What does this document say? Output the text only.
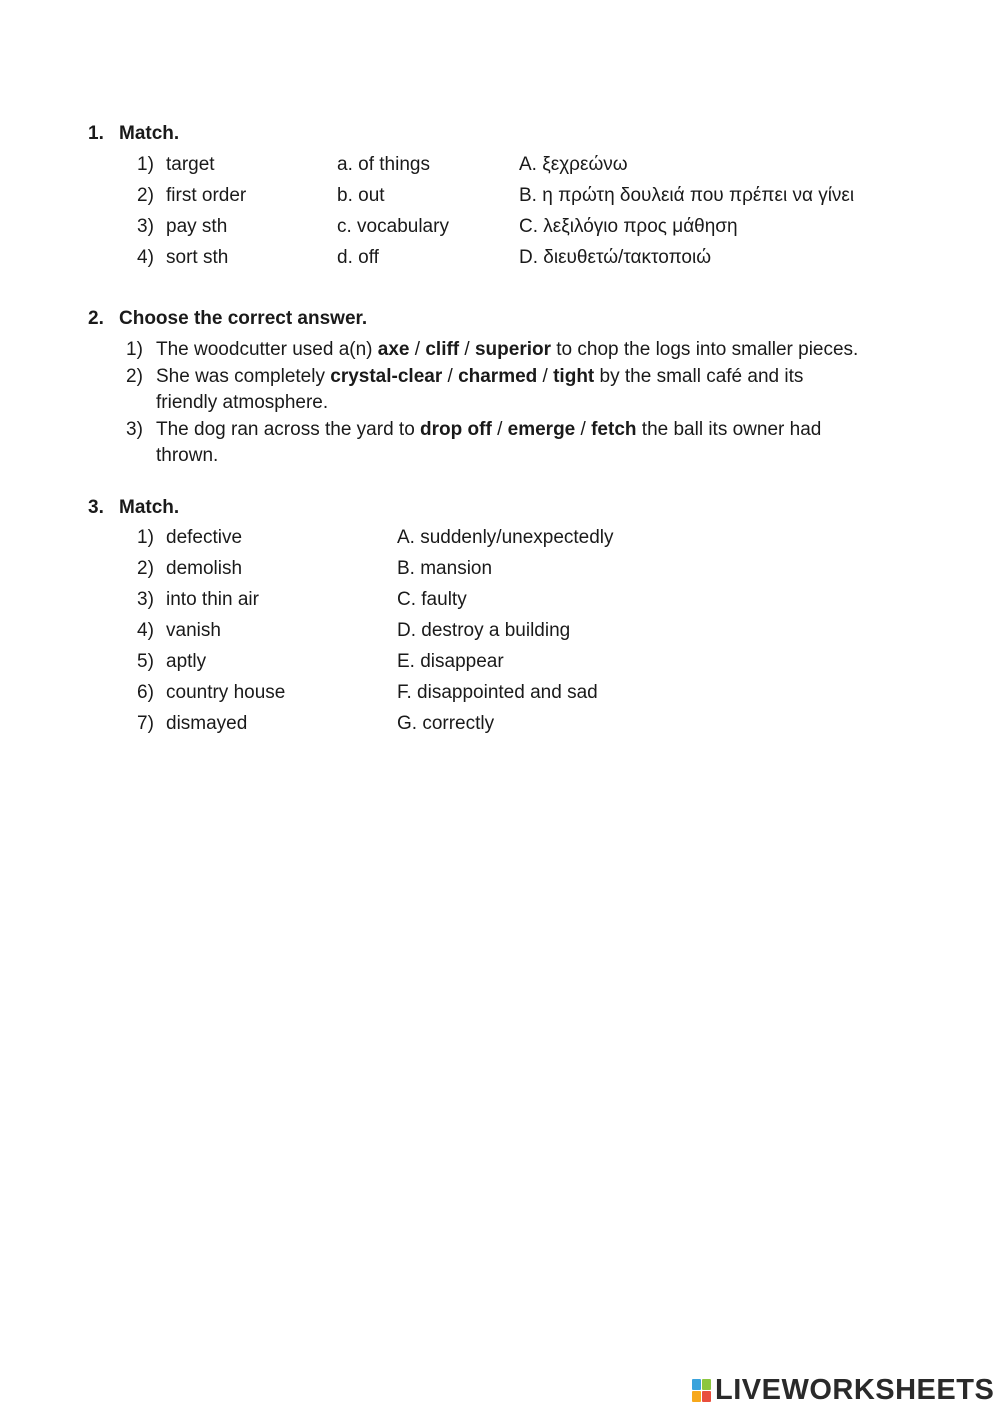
1. Match.
1) target	a. of things	A. ξεχρεώνω
2) first order	b. out	B. η πρώτη δουλειά που πρέπει να γίνει
3) pay sth	c. vocabulary	C. λεξιλόγιο προς μάθηση
4) sort sth	d. off	D. διευθετώ/τακτοποιώ
2. Choose the correct answer.
1) The woodcutter used a(n) axe / cliff / superior to chop the logs into smaller pieces.
2) She was completely crystal-clear / charmed / tight by the small café and its
friendly atmosphere.
3) The dog ran across the yard to drop off / emerge / fetch the ball its owner had
thrown.
3. Match.
1) defective	A. suddenly/unexpectedly
2) demolish	B. mansion
3) into thin air	C. faulty
4) vanish	D. destroy a building
5) aptly	E. disappear
6) country house	F. disappointed and sad
7) dismayed	G. correctly
LIVEWORKSHEETS
